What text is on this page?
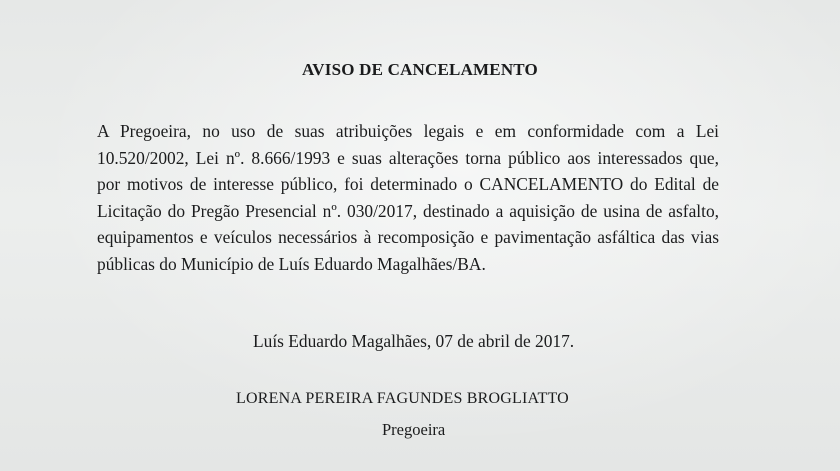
AVISO DE CANCELAMENTO
A Pregoeira, no uso de suas atribuições legais e em conformidade com a Lei
10.520/2002, Lei nº. 8.666/1993 e suas alterações torna público aos interessados que,
por motivos de interesse público, foi determinado o CANCELAMENTO do Edital de
Licitação do Pregão Presencial nº. 030/2017, destinado a aquisição de usina de asfalto,
equipamentos e veículos necessários à recomposição e pavimentação asfáltica das vias
públicas do Município de Luís Eduardo Magalhães/BA.
Luís Eduardo Magalhães, 07 de abril de 2017.
LORENA PEREIRA FAGUNDES BROGLIATTO
Pregoeira
